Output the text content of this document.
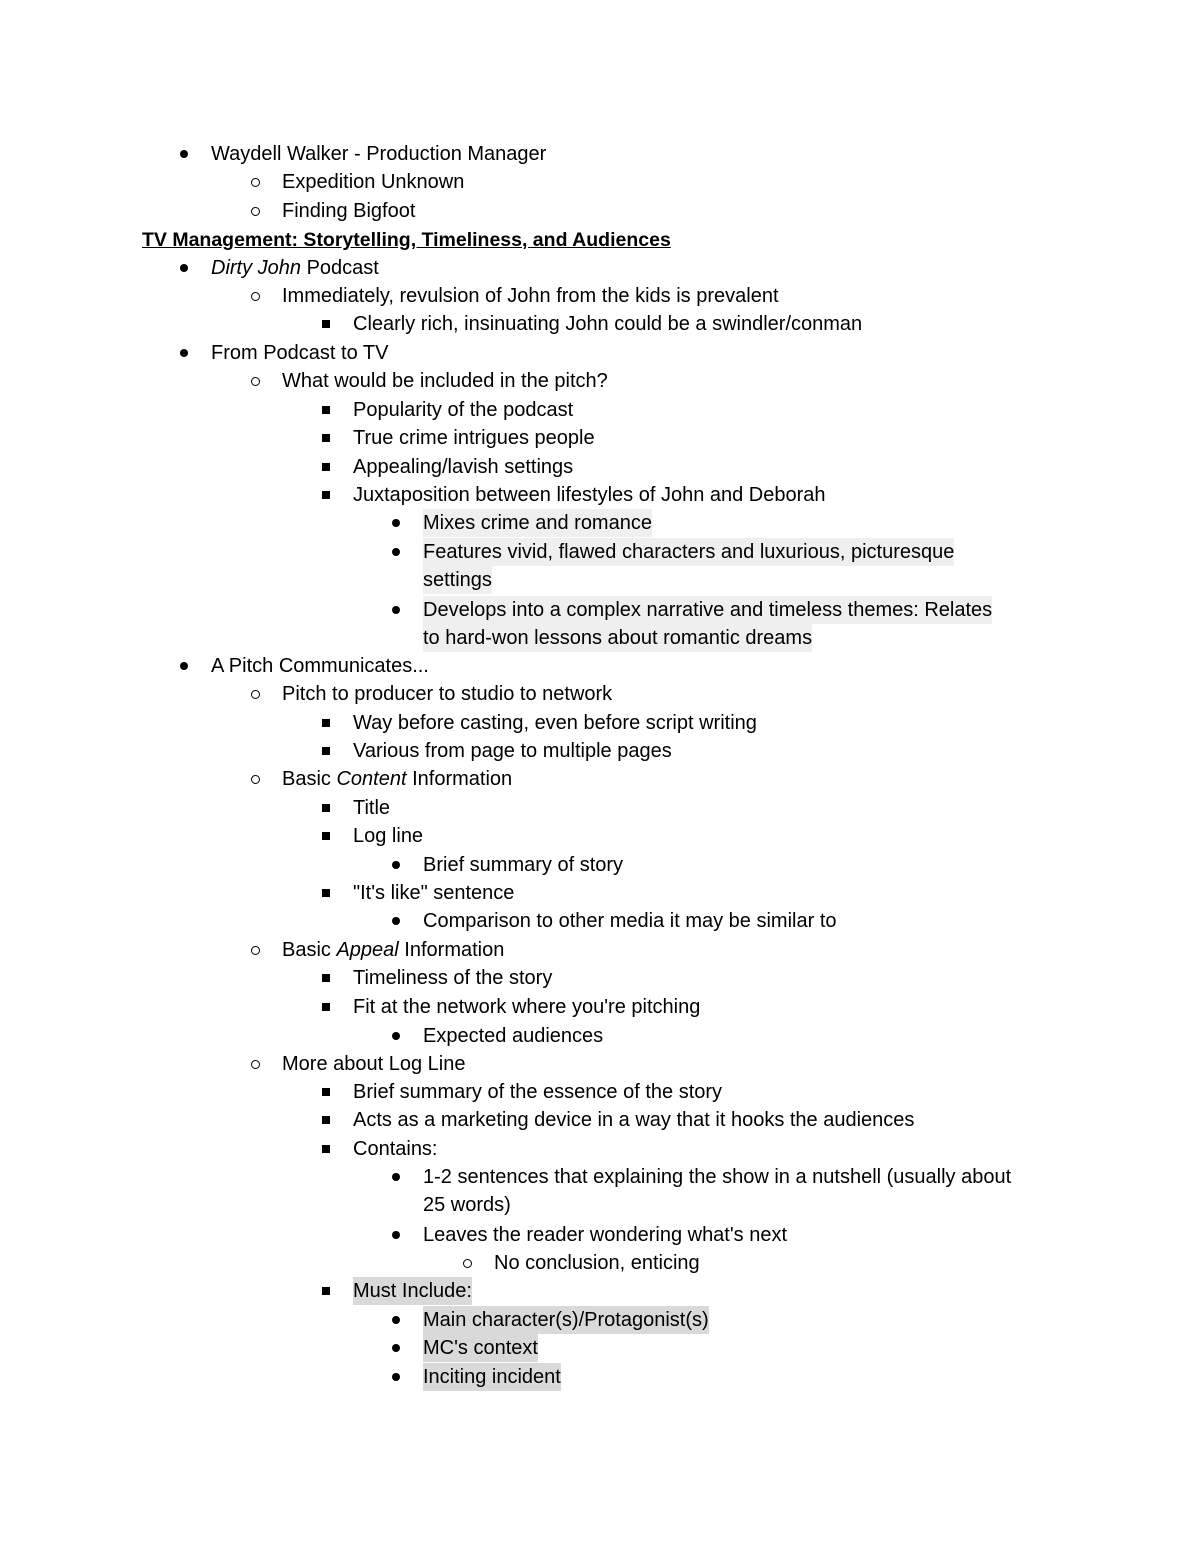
Waydell Walker - Production Manager
Expedition Unknown
Finding Bigfoot
TV Management: Storytelling, Timeliness, and Audiences
Dirty John Podcast
Immediately, revulsion of John from the kids is prevalent
Clearly rich, insinuating John could be a swindler/conman
From Podcast to TV
What would be included in the pitch?
Popularity of the podcast
True crime intrigues people
Appealing/lavish settings
Juxtaposition between lifestyles of John and Deborah
Mixes crime and romance
Features vivid, flawed characters and luxurious, picturesque
settings
Develops into a complex narrative and timeless themes: Relates
to hard-won lessons about romantic dreams
A Pitch Communicates...
Pitch to producer to studio to network
Way before casting, even before script writing
Various from page to multiple pages
Basic Content Information
Title
Log line
Brief summary of story
"It's like" sentence
Comparison to other media it may be similar to
Basic Appeal Information
Timeliness of the story
Fit at the network where you're pitching
Expected audiences
More about Log Line
Brief summary of the essence of the story
Acts as a marketing device in a way that it hooks the audiences
Contains:
1-2 sentences that explaining the show in a nutshell (usually about
25 words)
Leaves the reader wondering what's next
No conclusion, enticing
Must Include:
Main character(s)/Protagonist(s)
MC's context
Inciting incident
